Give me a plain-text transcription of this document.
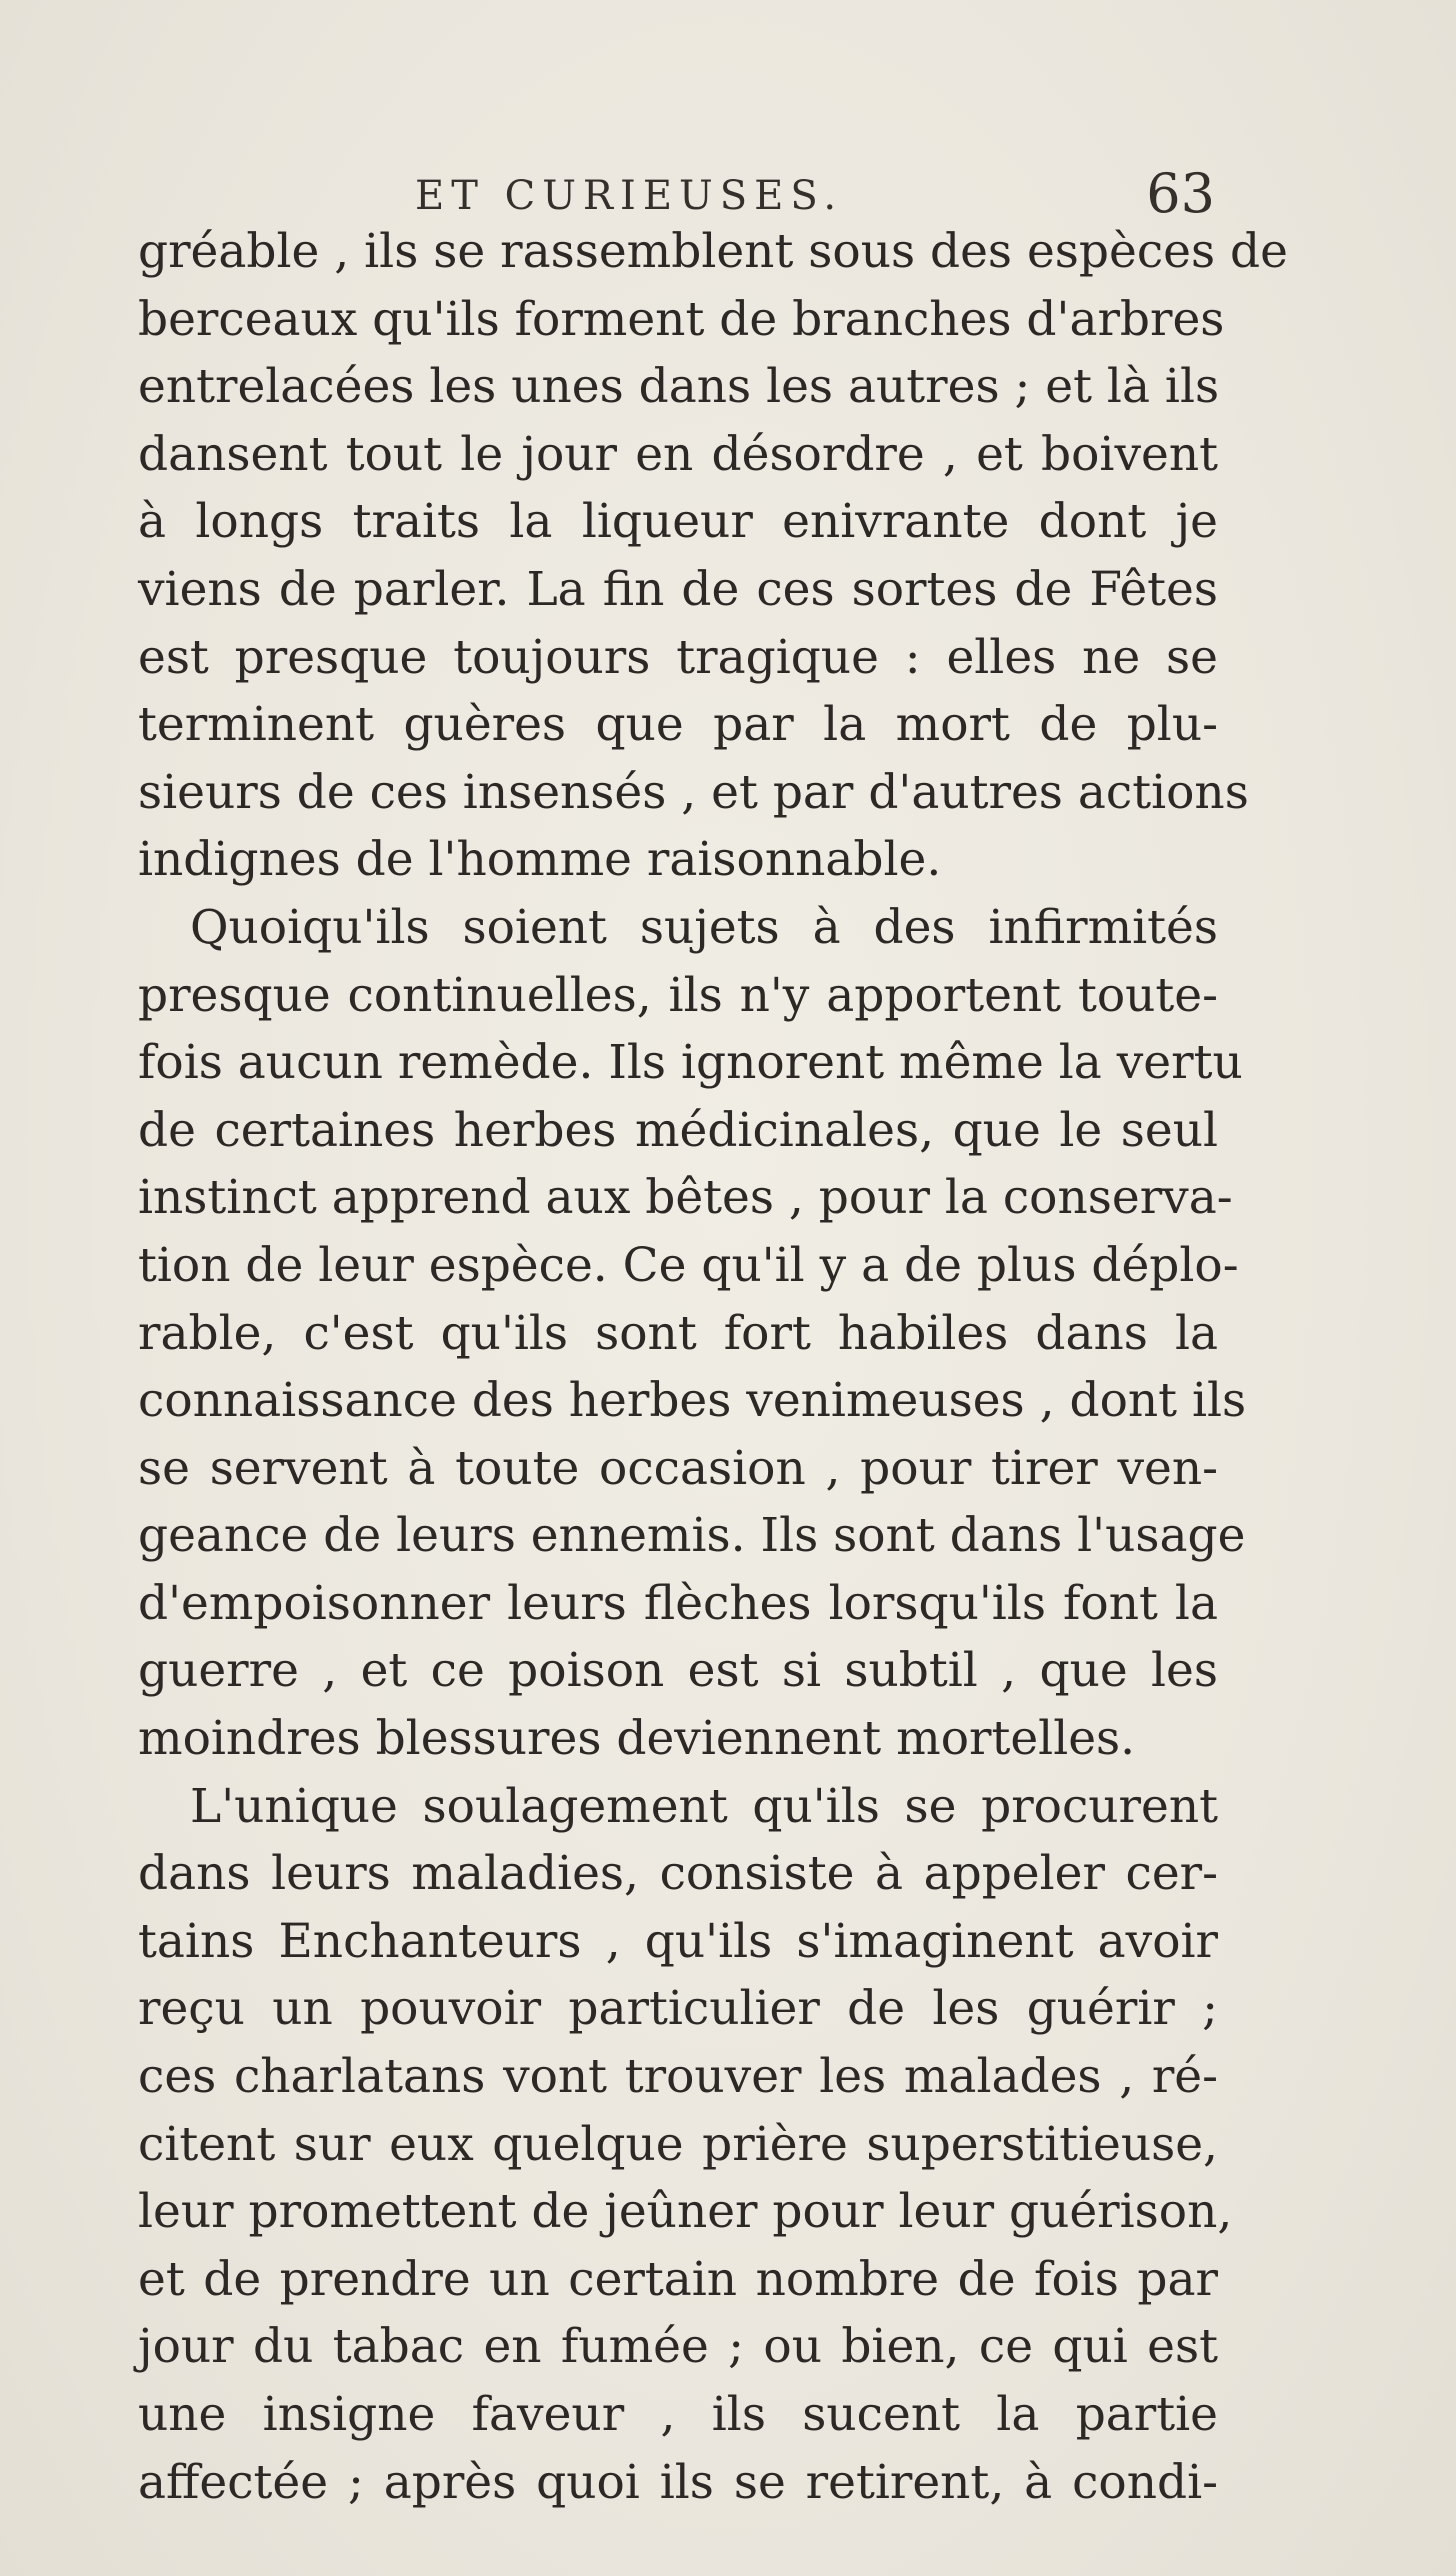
ET CURIEUSES.	63
gréable , ils se rassemblent sous des espèces de
berceaux qu'ils forment de branches d'arbres
entrelacées les unes dans les autres ; et là ils
dansent tout le jour en désordre , et boivent
à longs traits la liqueur enivrante dont je
viens de parler. La fin de ces sortes de Fêtes
est presque toujours tragique : elles ne se
terminent guères que par la mort de plu-
sieurs de ces insensés , et par d'autres actions
indignes de l'homme raisonnable.
Quoiqu'ils soient sujets à des infirmités
presque continuelles, ils n'y apportent toute-
fois aucun remède. Ils ignorent même la vertu
de certaines herbes médicinales, que le seul
instinct apprend aux bêtes , pour la conserva-
tion de leur espèce. Ce qu'il y a de plus déplo-
rable, c'est qu'ils sont fort habiles dans la
connaissance des herbes venimeuses , dont ils
se servent à toute occasion , pour tirer ven-
geance de leurs ennemis. Ils sont dans l'usage
d'empoisonner leurs flèches lorsqu'ils font la
guerre , et ce poison est si subtil , que les
moindres blessures deviennent mortelles.
L'unique soulagement qu'ils se procurent
dans leurs maladies, consiste à appeler cer-
tains Enchanteurs , qu'ils s'imaginent avoir
reçu un pouvoir particulier de les guérir ;
ces charlatans vont trouver les malades , ré-
citent sur eux quelque prière superstitieuse,
leur promettent de jeûner pour leur guérison,
et de prendre un certain nombre de fois par
jour du tabac en fumée ; ou bien, ce qui est
une insigne faveur , ils sucent la partie
affectée ; après quoi ils se retirent, à condi-
